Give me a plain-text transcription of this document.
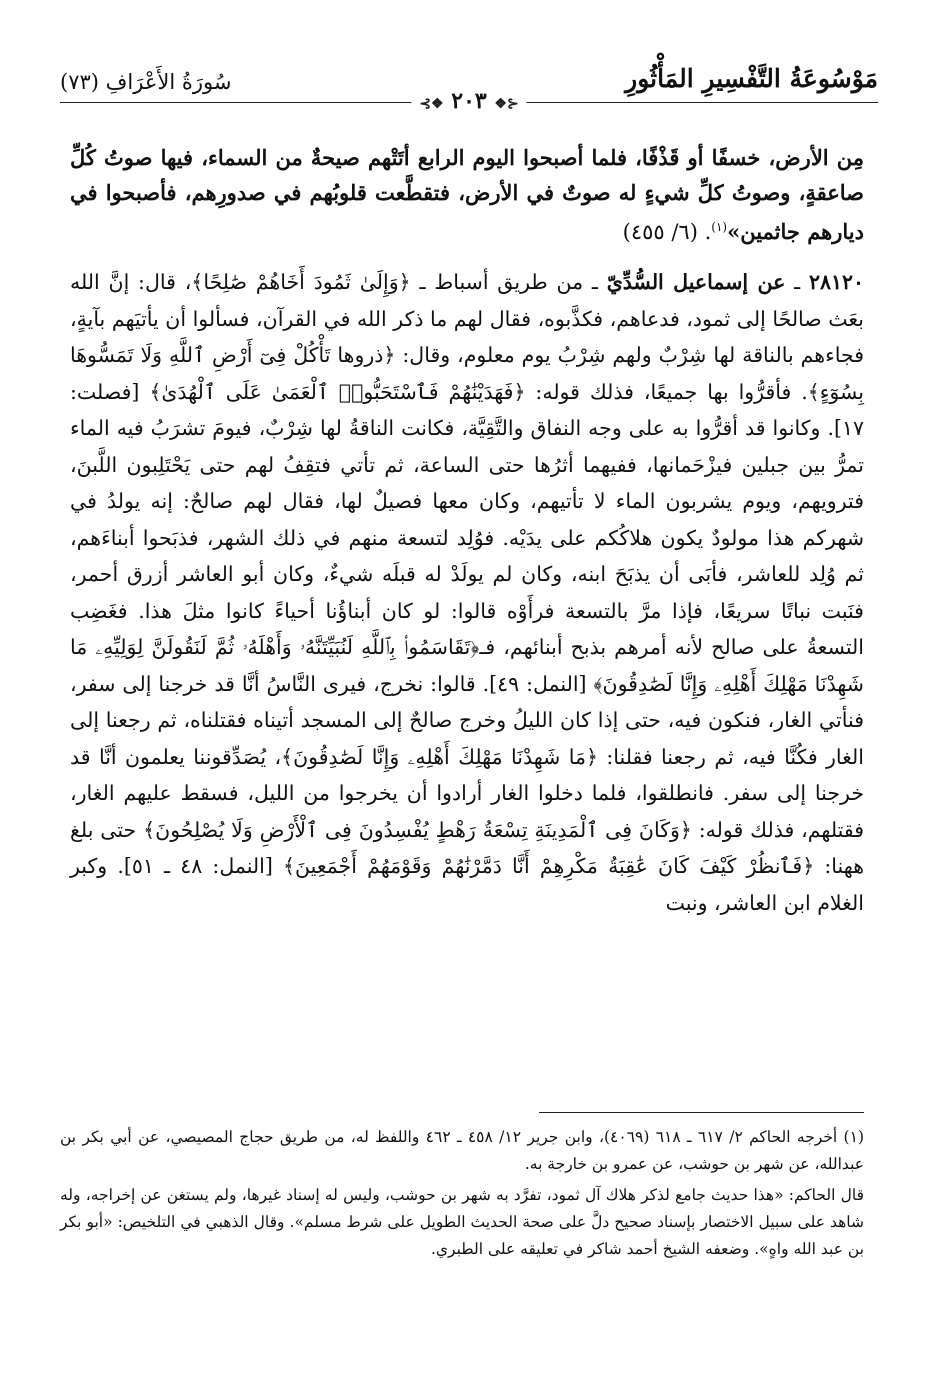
سُورَةُ الأَعْرَافِ (٧٣)	مَوْسُوعَةُ التَّفْسِيرِ المَأْثُورِ
⊰❖ ٢٠٣ ❖⊱

مِن الأرض، خسفًا أو قَذْفًا، فلما أصبحوا اليوم الرابع أتَتْهم صيحةٌ من السماء، فيها صوتُ كُلِّ صاعقةٍ، وصوتُ كلِّ شيءٍ له صوتٌ في الأرض، فتقطَّعت قلوبُهم في صدورِهم، فأصبحوا في ديارهم جاثمين»$^{(١)}$. (٦/ ٤٥٥)

٢٨١٢٠ ـ عن إسماعيل السُّدِّيّ ـ من طريق أسباط ـ ﴿وَإِلَىٰ ثَمُودَ أَخَاهُمْ صَٰلِحًا﴾، قال: إنَّ الله بعَث صالحًا إلى ثمود، فدعاهم، فكذَّبوه، فقال لهم ما ذكر الله في القرآن، فسألوا أن يأتيَهم بآيةٍ، فجاءهم بالناقة لها شِرْبٌ ولهم شِرْبُ يوم معلوم، وقال: ﴿ذروها تَأْكُلْ فِىٓ أَرْضِ ٱللَّهِ وَلَا تَمَسُّوهَا بِسُوٓءٍ﴾. فأقرُّوا بها جميعًا، فذلك قوله: ﴿فَهَدَيْنَٰهُمْ فَٱسْتَحَبُّوا۟ ٱلْعَمَىٰ عَلَى ٱلْهُدَىٰ﴾ [فصلت: ١٧]. وكانوا قد أقرُّوا به على وجه النفاق والتَّقِيَّة، فكانت الناقةُ لها شِرْبٌ، فيومَ تشرَبُ فيه الماء تمرُّ بين جبلين فيزْحَمانها، ففيهما أثرُها حتى الساعة، ثم تأتي فتقِفُ لهم حتى يَحْتَلِبون اللَّبنَ، فترويهم، ويوم يشربون الماء لا تأتيهم، وكان معها فصيلٌ لها، فقال لهم صالحٌ: إنه يولدُ في شهركم هذا مولودٌ يكون هلاكُكم على يدَيْه. فوُلِد لتسعة منهم في ذلك الشهر، فذبَحوا أبناءَهم، ثم وُلِد للعاشر، فأبَى أن يذبَحَ ابنه، وكان لم يولَدْ له قبلَه شيءٌ، وكان أبو العاشر أزرق أحمر، فنَبت نباتًا سريعًا، فإذا مرَّ بالتسعة فرأَوْه قالوا: لو كان أبناؤُنا أحياءً كانوا مثلَ هذا. فغَضِب التسعةُ على صالح لأنه أمرهم بذبح أبنائهم، فـ﴿تَقَاسَمُوا۟ بِٱللَّهِ لَنُبَيِّتَنَّهُۥ وَأَهْلَهُۥ ثُمَّ لَنَقُولَنَّ لِوَلِيِّهِۦ مَا شَهِدْنَا مَهْلِكَ أَهْلِهِۦ وَإِنَّا لَصَٰدِقُونَ﴾ [النمل: ٤٩]. قالوا: نخرج، فيرى النَّاسُ أنَّا قد خرجنا إلى سفر، فنأتي الغار، فنكون فيه، حتى إذا كان الليلُ وخرج صالحٌ إلى المسجد أتيناه فقتلناه، ثم رجعنا إلى الغار فكُنَّا فيه، ثم رجعنا فقلنا: ﴿مَا شَهِدْنَا مَهْلِكَ أَهْلِهِۦ وَإِنَّا لَصَٰدِقُونَ﴾، يُصَدِّقوننا يعلمون أنَّا قد خرجنا إلى سفر. فانطلقوا، فلما دخلوا الغار أرادوا أن يخرجوا من الليل، فسقط عليهم الغار، فقتلهم، فذلك قوله: ﴿وَكَانَ فِى ٱلْمَدِينَةِ تِسْعَةُ رَهْطٍ يُفْسِدُونَ فِى ٱلْأَرْضِ وَلَا يُصْلِحُونَ﴾ حتى بلغ ههنا: ﴿فَٱنظُرْ كَيْفَ كَانَ عَٰقِبَةُ مَكْرِهِمْ أَنَّا دَمَّرْنَٰهُمْ وَقَوْمَهُمْ أَجْمَعِينَ﴾ [النمل: ٤٨ ـ ٥١]. وكبر الغلام ابن العاشر، ونبت

(١) أخرجه الحاكم ٢/ ٦١٧ ـ ٦١٨ (٤٠٦٩)، وابن جرير ١٢/ ٤٥٨ ـ ٤٦٢ واللفظ له، من طريق حجاج المصيصي، عن أبي بكر بن عبدالله، عن شهر بن حوشب، عن عمرو بن خارجة به.

قال الحاكم: «هذا حديث جامع لذكر هلاك آل ثمود، تفرَّد به شهر بن حوشب، وليس له إسناد غيرها، ولم يستغن عن إخراجه، وله شاهد على سبيل الاختصار بإسناد صحيح دلَّ على صحة الحديث الطويل على شرط مسلم». وقال الذهبي في التلخيص: «أبو بكر بن عبد الله واهٍ». وضعفه الشيخ أحمد شاكر في تعليقه على الطبري.
